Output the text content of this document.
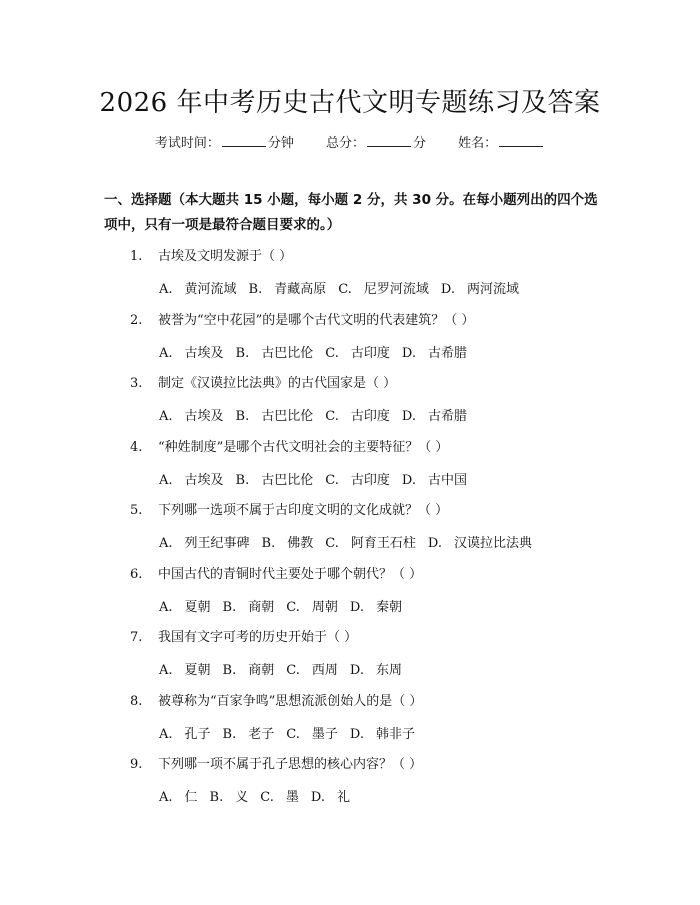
2026 年中考历史古代文明专题练习及答案
考试时间：	分钟 总分：	分 姓名：
一、选择题（本大题共 15 小题，每小题 2 分，共 30 分。在每小题列出的四个选项中，只有一项是最符合题目要求的。）
1. 古埃及文明发源于（ ）
A. 黄河流域 B. 青藏高原 C. 尼罗河流域 D. 两河流域
2. 被誉为“空中花园”的是哪个古代文明的代表建筑？（ ）
A. 古埃及 B. 古巴比伦 C. 古印度 D. 古希腊
3. 制定《汉谟拉比法典》的古代国家是（ ）
A. 古埃及 B. 古巴比伦 C. 古印度 D. 古希腊
4. “种姓制度”是哪个古代文明社会的主要特征？（ ）
A. 古埃及 B. 古巴比伦 C. 古印度 D. 古中国
5. 下列哪一选项不属于古印度文明的文化成就？（ ）
A. 列王纪事碑 B. 佛教 C. 阿育王石柱 D. 汉谟拉比法典
6. 中国古代的青铜时代主要处于哪个朝代？（ ）
A. 夏朝 B. 商朝 C. 周朝 D. 秦朝
7. 我国有文字可考的历史开始于（ ）
A. 夏朝 B. 商朝 C. 西周 D. 东周
8. 被尊称为“百家争鸣”思想流派创始人的是（ ）
A. 孔子 B. 老子 C. 墨子 D. 韩非子
9. 下列哪一项不属于孔子思想的核心内容？（ ）
A. 仁 B. 义 C. 墨 D. 礼
